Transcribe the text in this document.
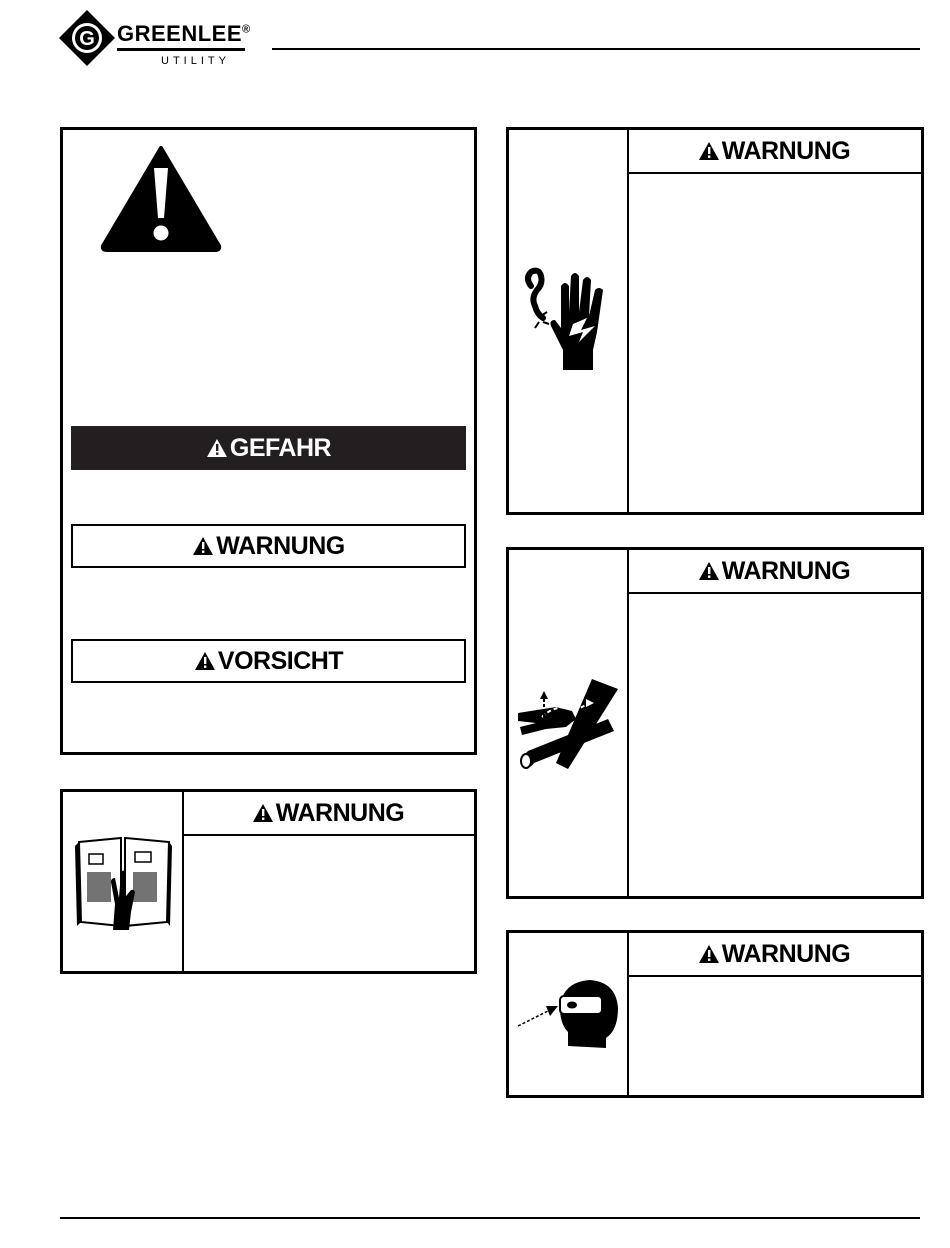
G GREENLEE®
UTILITY
GEFAHR
WARNUNG
VORSICHT
WARNUNG
WARNUNG
WARNUNG
WARNUNG
